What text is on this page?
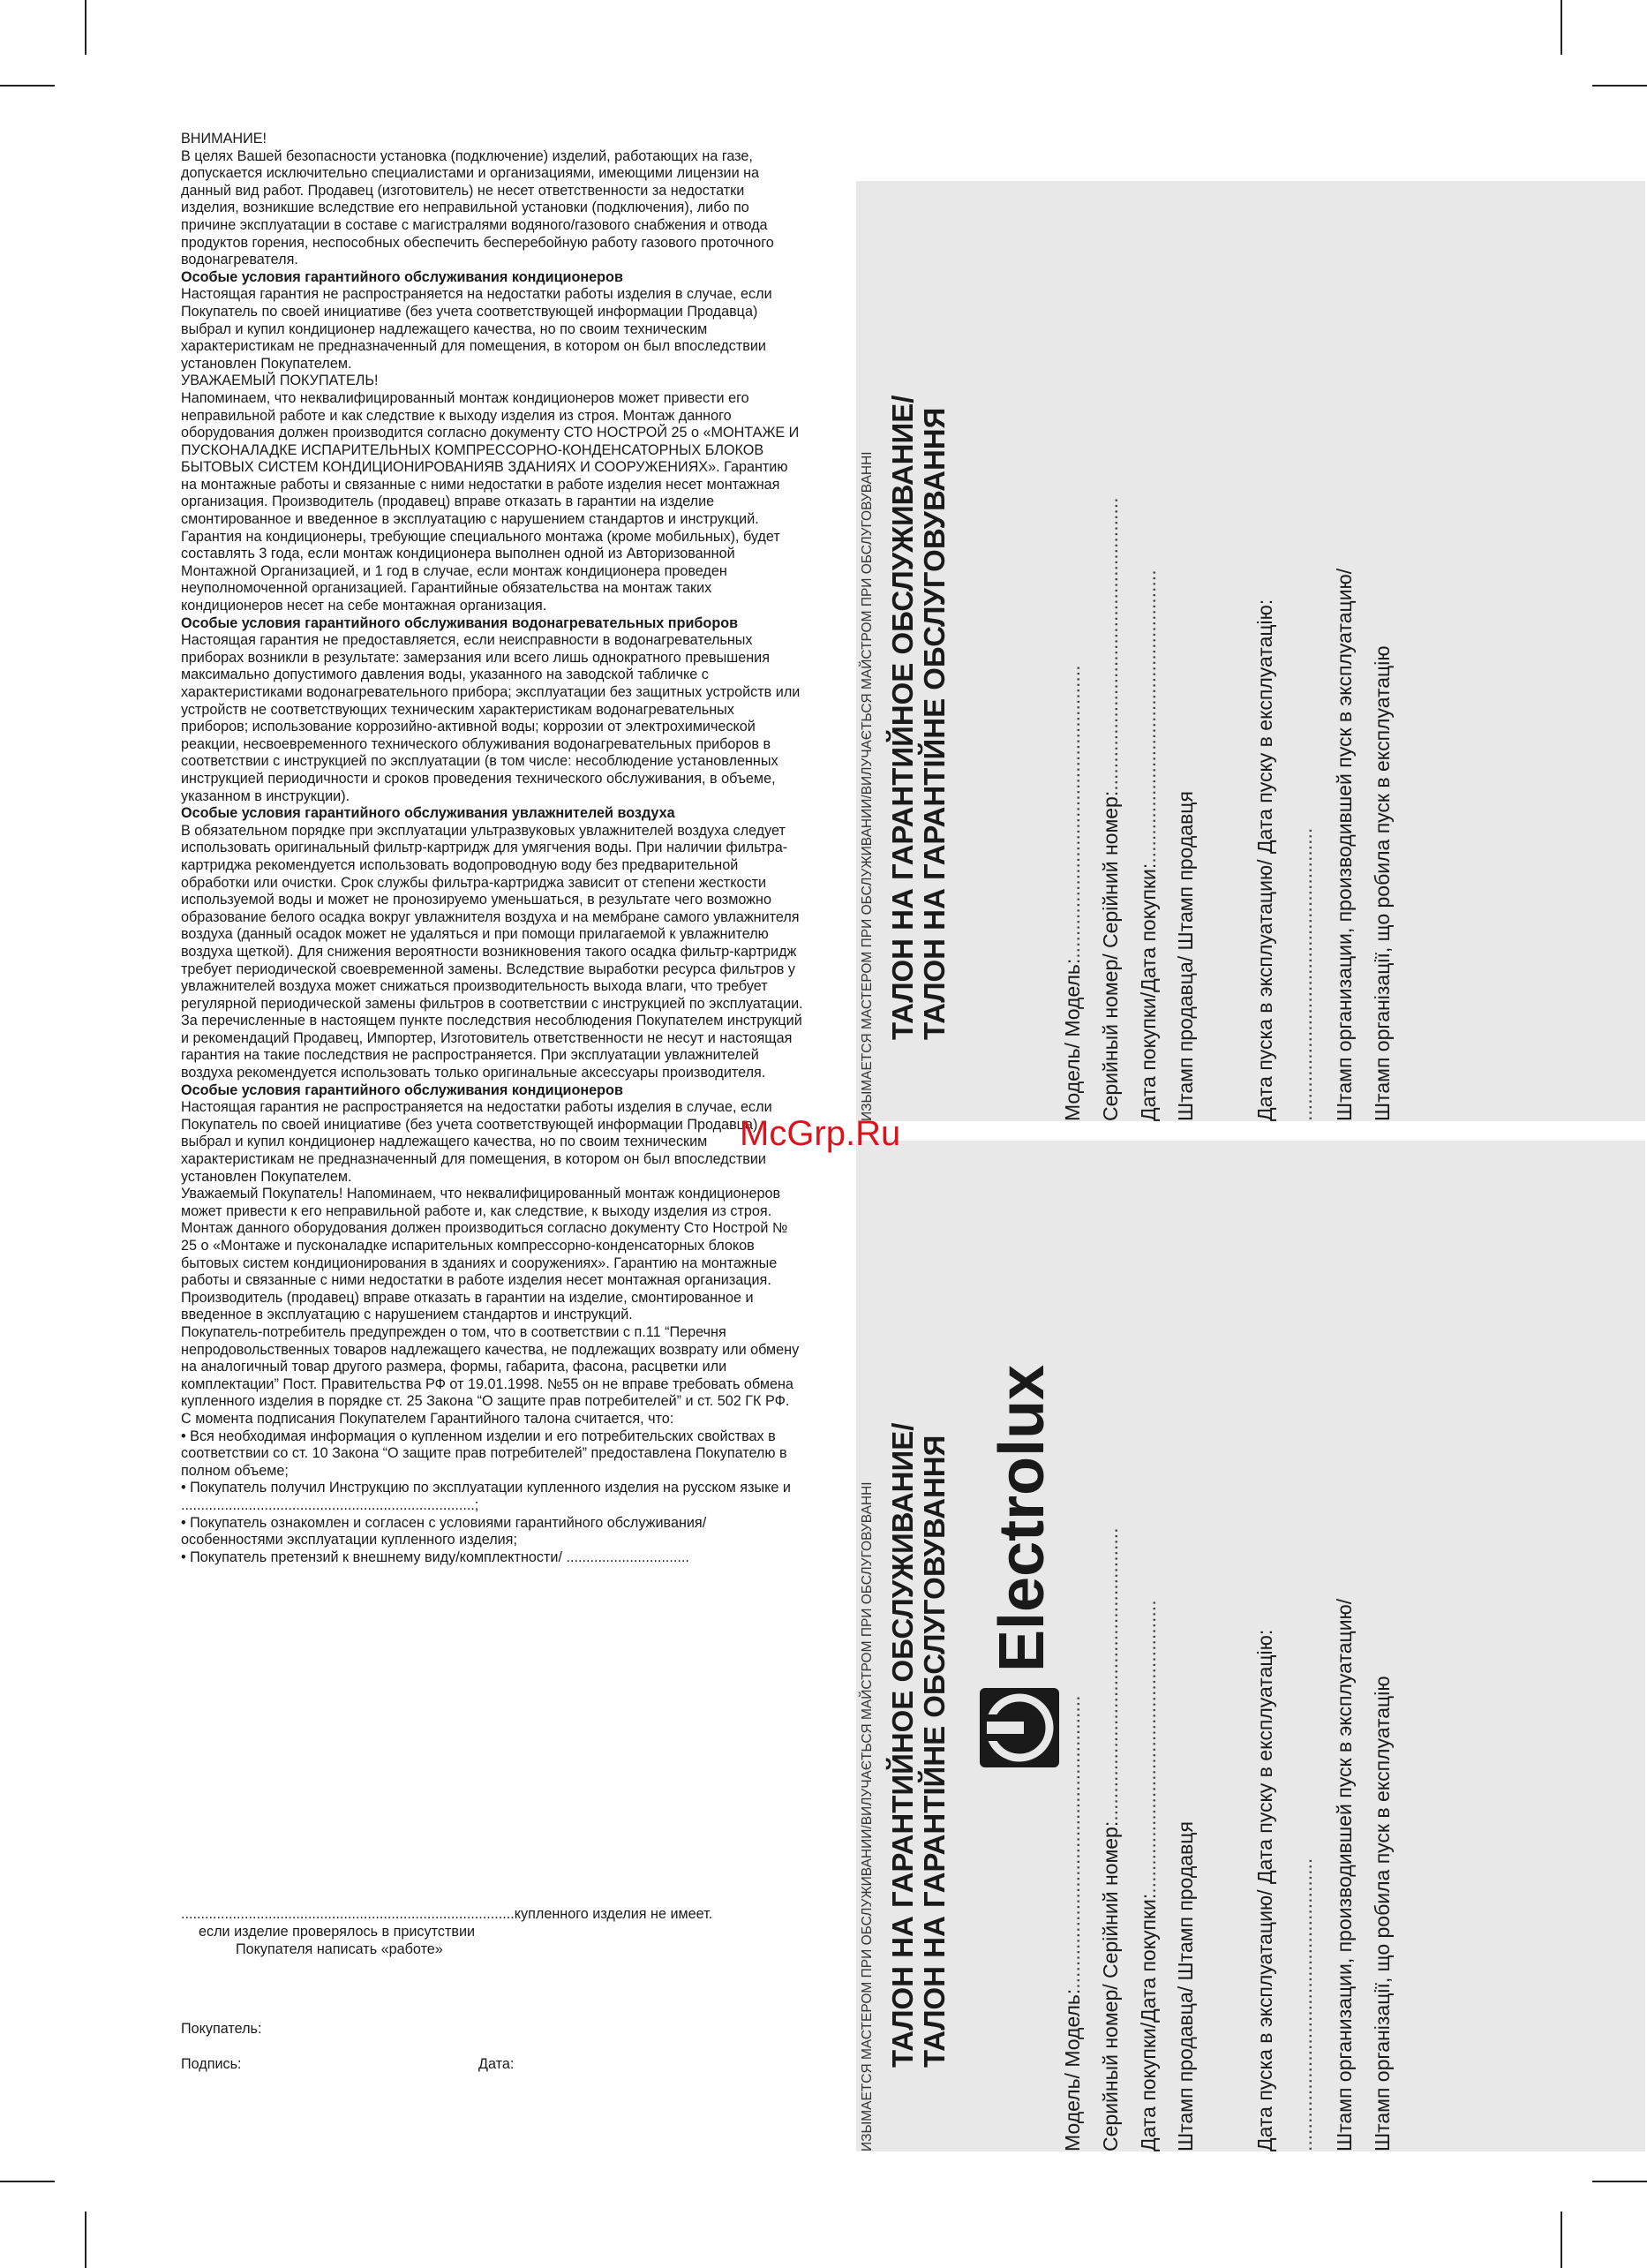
ВНИМАНИЕ!

В целях Вашей безопасности установка (подключение) изделий, работающих на газе, допускается исключительно специалистами и организациями, имеющими лицензии на данный вид работ. Продавец (изготовитель) не несет ответственности за недостатки изделия, возникшие вследствие его неправильной установки (подключения), либо по причине эксплуатации в составе с магистралями водяного/газового снабжения и отвода продуктов горения, неспособных обеспечить бесперебойную работу газового проточного водонагревателя.

Особые условия гарантийного обслуживания кондиционеров

Настоящая гарантия не распространяется на недостатки работы изделия в случае, если Покупатель по своей инициативе (без учета соответствующей информации Продавца) выбрал и купил кондиционер надлежащего качества, но по своим техническим характеристикам не предназначенный для помещения, в котором он был впоследствии установлен Покупателем.

УВАЖАЕМЫЙ ПОКУПАТЕЛЬ!

Напоминаем, что неквалифицированный монтаж кондиционеров может привести его неправильной работе и как следствие к выходу изделия из строя. Монтаж данного оборудования должен производится согласно документу СТО НОСТРОЙ 25 о «МОНТАЖЕ И ПУСКОНАЛАДКЕ ИСПАРИТЕЛЬНЫХ КОМПРЕССОРНО-КОНДЕНСАТОРНЫХ БЛОКОВ БЫТОВЫХ СИСТЕМ КОНДИЦИОНИРОВАНИЯВ ЗДАНИЯХ И СООРУЖЕНИЯХ». Гарантию на монтажные работы и связанные с ними недостатки в работе изделия несет монтажная организация. Производитель (продавец) вправе отказать в гарантии на изделие смонтированное и введенное в эксплуатацию с нарушением стандартов и инструкций.

Гарантия на кондиционеры, требующие специального монтажа (кроме мобильных), будет составлять 3 года, если монтаж кондиционера выполнен одной из Авторизованной Монтажной Организацией, и 1 год в случае, если монтаж кондиционера проведен неуполномоченной организацией. Гарантийные обязательства на монтаж таких кондиционеров несет на себе монтажная организация.

Особые условия гарантийного обслуживания водонагревательных приборов

Настоящая гарантия не предоставляется, если неисправности в водонагревательных приборах возникли в результате: замерзания или всего лишь однократного превышения максимально допустимого давления воды, указанного на заводской табличке с характеристиками водонагревательного прибора; эксплуатации без защитных устройств или устройств не соответствующих техническим характеристикам водонагревательных приборов; использование коррозийно-активной воды; коррозии от электрохимической реакции, несвоевременного технического облуживания водонагревательных приборов в соответствии с инструкцией по эксплуатации (в том числе: несоблюдение установленных инструкцией периодичности и сроков проведения технического обслуживания, в объеме, указанном в инструкции).

Особые условия гарантийного обслуживания увлажнителей воздуха

В обязательном порядке при эксплуатации ультразвуковых увлажнителей воздуха следует использовать оригинальный фильтр-картридж для умягчения воды. При наличии фильтра-картриджа рекомендуется использовать водопроводную воду без предварительной обработки или очистки. Срок службы фильтра-картриджа зависит от степени жесткости используемой воды и может не пронозируемо уменьшаться, в результате чего возможно образование белого осадка вокруг увлажнителя воздуха и на мембране самого увлажнителя воздуха (данный осадок может не удаляться и при помощи прилагаемой к увлажнителю воздуха щеткой). Для снижения вероятности возникновения такого осадка фильтр-картридж требует периодической своевременной замены. Вследствие выработки ресурса фильтров у увлажнителей воздуха может снижаться производительность выхода влаги, что требует регулярной периодической замены фильтров в соответствии с инструкцией по эксплуатации. За перечисленные в настоящем пункте последствия несоблюдения Покупателем инструкций и рекомендаций Продавец, Импортер, Изготовитель ответственности не несут и настоящая гарантия на такие последствия не распространяется. При эксплуатации увлажнителей воздуха рекомендуется использовать только оригинальные аксессуары производителя.

Особые условия гарантийного обслуживания кондиционеров

Настоящая гарантия не распространяется на недостатки работы изделия в случае, если Покупатель по своей инициативе (без учета соответствующей информации Продавца) выбрал и купил кондиционер надлежащего качества, но по своим техническим характеристикам не предназначенный для помещения, в котором он был впоследствии установлен Покупателем.

Уважаемый Покупатель! Напоминаем, что неквалифицированный монтаж кондиционеров может привести к его неправильной работе и, как следствие, к выходу изделия из строя. Монтаж данного оборудования должен производиться согласно документу Сто Нострой № 25 о «Монтаже и пусконаладке испарительных компрессорно-конденсаторных блоков бытовых систем кондиционирования в зданиях и сооружениях». Гарантию на монтажные работы и связанные с ними недостатки в работе изделия несет монтажная организация. Производитель (продавец) вправе отказать в гарантии на изделие, смонтированное и введенное в эксплуатацию с нарушением стандартов и инструкций.

Покупатель-потребитель предупрежден о том, что в соответствии с п.11 “Перечня непродовольственных товаров надлежащего качества, не подлежащих возврату или обмену на аналогичный товар другого размера, формы, габарита, фасона, расцветки или комплектации” Пост. Правительства РФ от 19.01.1998. №55 он не вправе требовать обмена купленного изделия в порядке ст. 25 Закона “О защите прав потребителей” и ст. 502 ГК РФ.

С момента подписания Покупателем Гарантийного талона считается, что:

• Вся необходимая информация о купленном изделии и его потребительских свойствах в соответствии со ст. 10 Закона “О защите прав потребителей” предоставлена Покупателю в полном объеме;

• Покупатель получил Инструкцию по эксплуатации купленного изделия на русском языке и ..........................................................................;

• Покупатель ознакомлен и согласен с условиями гарантийного обслуживания/особенностями эксплуатации купленного изделия;

• Покупатель претензий к внешнему виду/комплектности/ ...............................

....................................................................................купленного изделия не имеет.
если изделие проверялось в присутствии
Покупателя написать «работе»
Покупатель:
Подпись:	Дата:
ИЗЫМАЕТСЯ МАСТЕРОМ ПРИ ОБСЛУЖИВАНИИ/ВИЛУЧАЄТЬСЯ МАЙСТРОМ ПРИ ОБСЛУГОВУВАННІ ТАЛОН НА ГАРАНТИЙНОЕ ОБСЛУЖИВАНИЕ/ ТАЛОН НА ГАРАНТІЙНЕ ОБСЛУГОВУВАННЯ	Модель/ Модель:.................................................... Серийный номер/ Серійний номер:....................................................
Дата покупки/Дата покупки:....................................................
Штамп продавца/ Штамп продавця	Дата пуска в эксплуатацию/ Дата пуску в експлуатацію: .................................................... Штамп организации, производившей пуск в эксплуатацию/ Штамп організації, що робила пуск в експлуатацію
ИЗЫМАЕТСЯ МАСТЕРОМ ПРИ ОБСЛУЖИВАНИИ/ВИЛУЧАЄТЬСЯ МАЙСТРОМ ПРИ ОБСЛУГОВУВАННІ ТАЛОН НА ГАРАНТИЙНОЕ ОБСЛУЖИВАНИЕ/ ТАЛОН НА ГАРАНТІЙНЕ ОБСЛУГОВУВАННЯ
Модель/ Модель:.................................................... Серийный номер/ Серійний номер:....................................................
Дата покупки/Дата покупки:....................................................
Штамп продавца/ Штамп продавця	Дата пуска в эксплуатацию/ Дата пуску в експлуатацію: .................................................... Штамп организации, производившей пуск в эксплуатацию/ Штамп організації, що робила пуск в експлуатацію
Electrolux
McGrp.Ru
